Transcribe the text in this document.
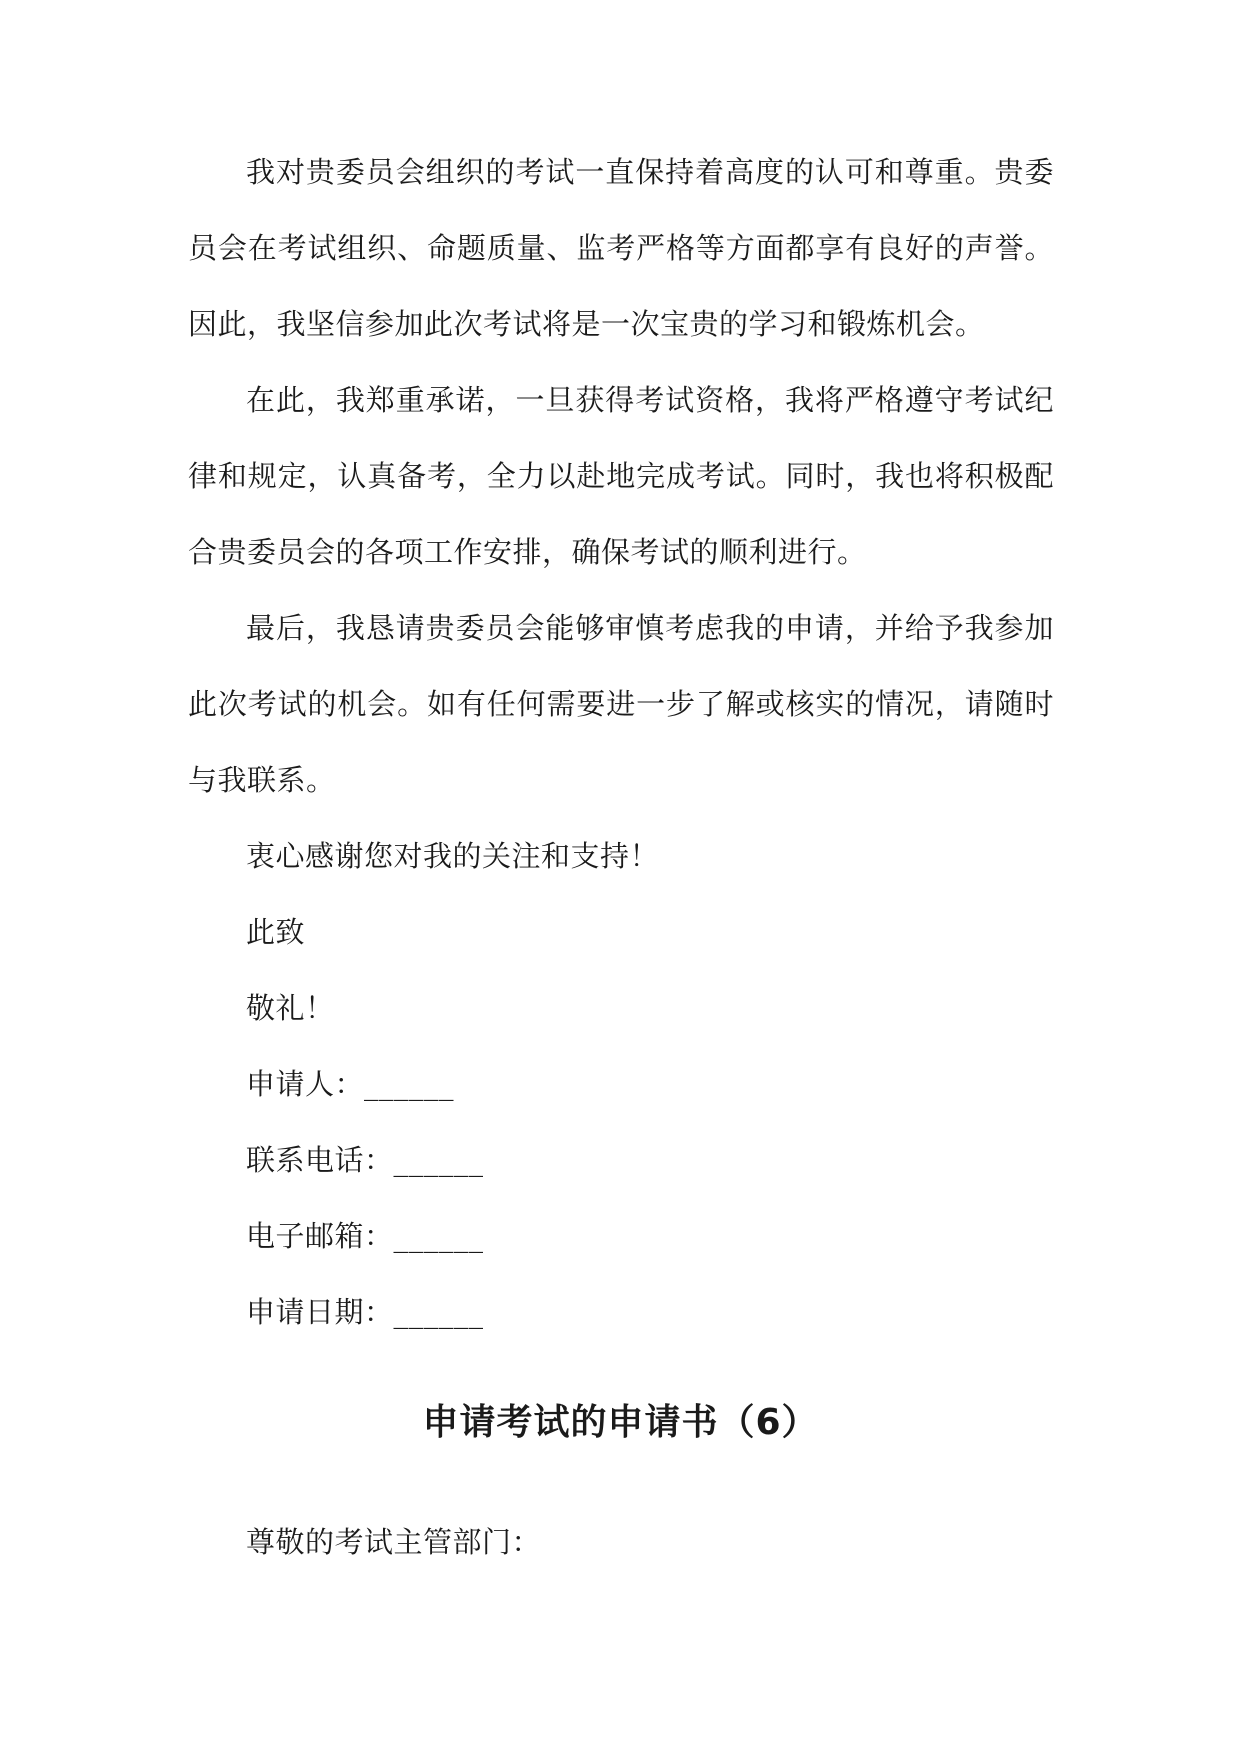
我对贵委员会组织的考试一直保持着高度的认可和尊重。贵委员会在考试组织、命题质量、监考严格等方面都享有良好的声誉。因此，我坚信参加此次考试将是一次宝贵的学习和锻炼机会。

在此，我郑重承诺，一旦获得考试资格，我将严格遵守考试纪律和规定，认真备考，全力以赴地完成考试。同时，我也将积极配合贵委员会的各项工作安排，确保考试的顺利进行。

最后，我恳请贵委员会能够审慎考虑我的申请，并给予我参加此次考试的机会。如有任何需要进一步了解或核实的情况，请随时与我联系。

衷心感谢您对我的关注和支持！

此致

敬礼！

申请人：______

联系电话：______

电子邮箱：______

申请日期：______

申请考试的申请书（6）

尊敬的考试主管部门：
